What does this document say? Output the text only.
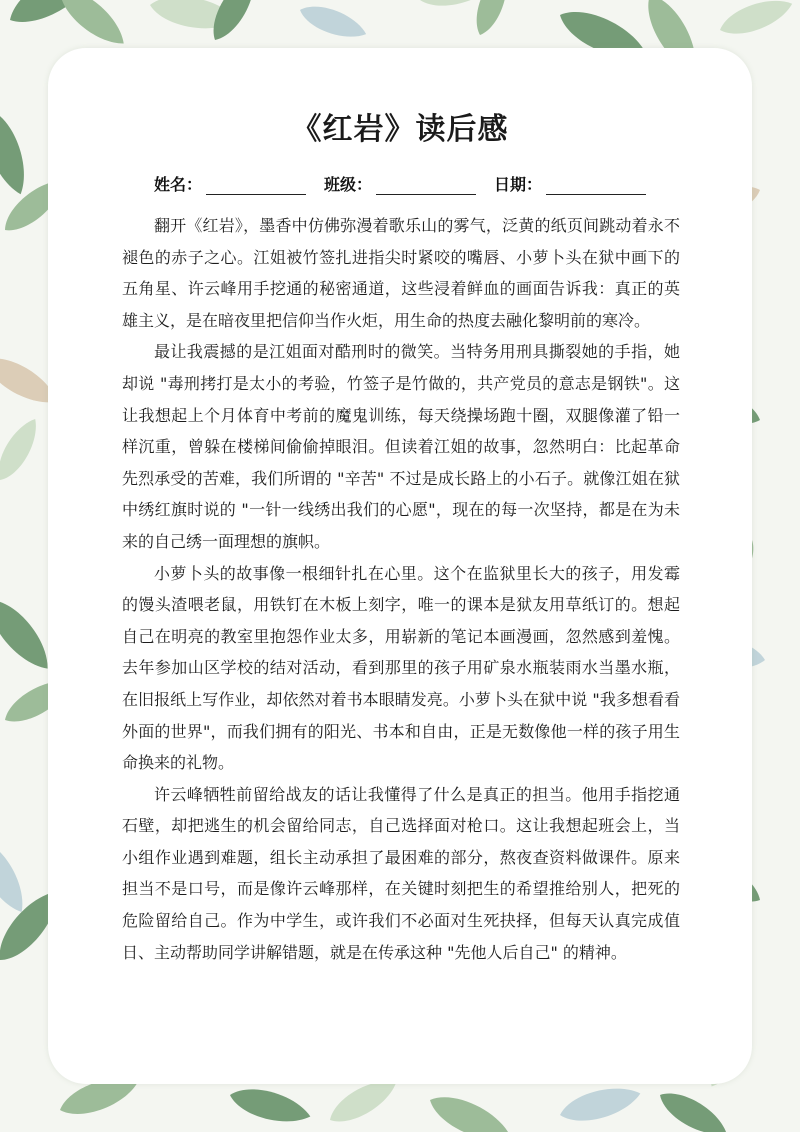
《红岩》读后感
姓名：	班级：	日期：

翻开《红岩》，墨香中仿佛弥漫着歌乐山的雾气，泛黄的纸页间跳动着永不褪色的赤子之心。江姐被竹签扎进指尖时紧咬的嘴唇、小萝卜头在狱中画下的五角星、许云峰用手挖通的秘密通道，这些浸着鲜血的画面告诉我：真正的英雄主义，是在暗夜里把信仰当作火炬，用生命的热度去融化黎明前的寒冷。

最让我震撼的是江姐面对酷刑时的微笑。当特务用刑具撕裂她的手指，她却说 "毒刑拷打是太小的考验，竹签子是竹做的，共产党员的意志是钢铁"。这让我想起上个月体育中考前的魔鬼训练，每天绕操场跑十圈，双腿像灌了铅一样沉重，曾躲在楼梯间偷偷掉眼泪。但读着江姐的故事，忽然明白：比起革命先烈承受的苦难，我们所谓的 "辛苦" 不过是成长路上的小石子。就像江姐在狱中绣红旗时说的 "一针一线绣出我们的心愿"，现在的每一次坚持，都是在为未来的自己绣一面理想的旗帜。

小萝卜头的故事像一根细针扎在心里。这个在监狱里长大的孩子，用发霉的馒头渣喂老鼠，用铁钉在木板上刻字，唯一的课本是狱友用草纸订的。想起自己在明亮的教室里抱怨作业太多，用崭新的笔记本画漫画，忽然感到羞愧。去年参加山区学校的结对活动，看到那里的孩子用矿泉水瓶装雨水当墨水瓶，在旧报纸上写作业，却依然对着书本眼睛发亮。小萝卜头在狱中说 "我多想看看外面的世界"，而我们拥有的阳光、书本和自由，正是无数像他一样的孩子用生命换来的礼物。

许云峰牺牲前留给战友的话让我懂得了什么是真正的担当。他用手指挖通石壁，却把逃生的机会留给同志，自己选择面对枪口。这让我想起班会上，当小组作业遇到难题，组长主动承担了最困难的部分，熬夜查资料做课件。原来担当不是口号，而是像许云峰那样，在关键时刻把生的希望推给别人，把死的危险留给自己。作为中学生，或许我们不必面对生死抉择，但每天认真完成值日、主动帮助同学讲解错题，就是在传承这种 "先他人后自己" 的精神。
